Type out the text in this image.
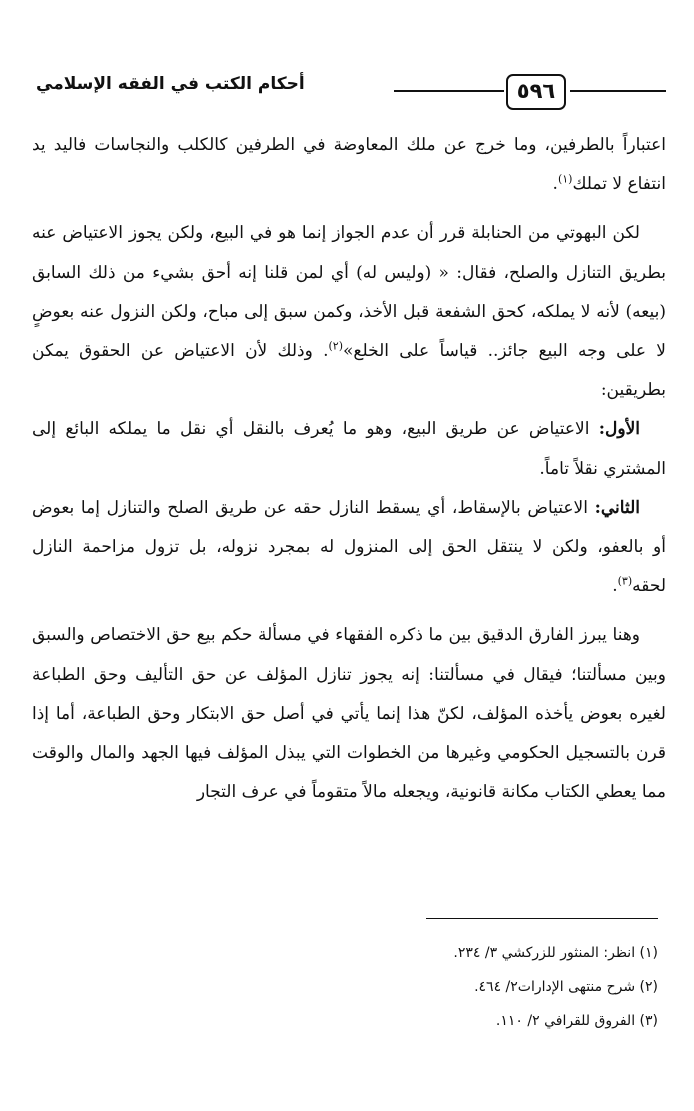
٥٩٦
أحكام الكتب في الفقه الإسلامي

اعتباراً بالطرفين، وما خرج عن ملك المعاوضة في الطرفين كالكلب والنجاسات فاليد يد انتفاع لا تملك$^{(١)}$.

لكن البهوتي من الحنابلة قرر أن عدم الجواز إنما هو في البيع، ولكن يجوز الاعتياض عنه بطريق التنازل والصلح، فقال: « (وليس له) أي لمن قلنا إنه أحق بشيء من ذلك السابق (بيعه) لأنه لا يملكه، كحق الشفعة قبل الأخذ، وكمن سبق إلى مباح، ولكن النزول عنه بعوضٍ لا على وجه البيع جائز.. قياساً على الخلع»$^{(٢)}$. وذلك لأن الاعتياض عن الحقوق يمكن بطريقين:

الأول: الاعتياض عن طريق البيع، وهو ما يُعرف بالنقل أي نقل ما يملكه البائع إلى المشتري نقلاً تاماً.

الثاني: الاعتياض بالإسقاط، أي يسقط النازل حقه عن طريق الصلح والتنازل إما بعوض أو بالعفو، ولكن لا ينتقل الحق إلى المنزول له بمجرد نزوله، بل تزول مزاحمة النازل لحقه$^{(٣)}$.

وهنا يبرز الفارق الدقيق بين ما ذكره الفقهاء في مسألة حكم بيع حق الاختصاص والسبق وبين مسألتنا؛ فيقال في مسألتنا: إنه يجوز تنازل المؤلف عن حق التأليف وحق الطباعة لغيره بعوض يأخذه المؤلف، لكنّ هذا إنما يأتي في أصل حق الابتكار وحق الطباعة، أما إذا قرن بالتسجيل الحكومي وغيرها من الخطوات التي يبذل المؤلف فيها الجهد والمال والوقت مما يعطي الكتاب مكانة قانونية، ويجعله مالاً متقوماً في عرف التجار

(١) انظر: المنثور للزركشي ٣/ ٢٣٤.
(٢) شرح منتهى الإدارات٢/ ٤٦٤.
(٣) الفروق للقرافي ٢/ ١١٠.
